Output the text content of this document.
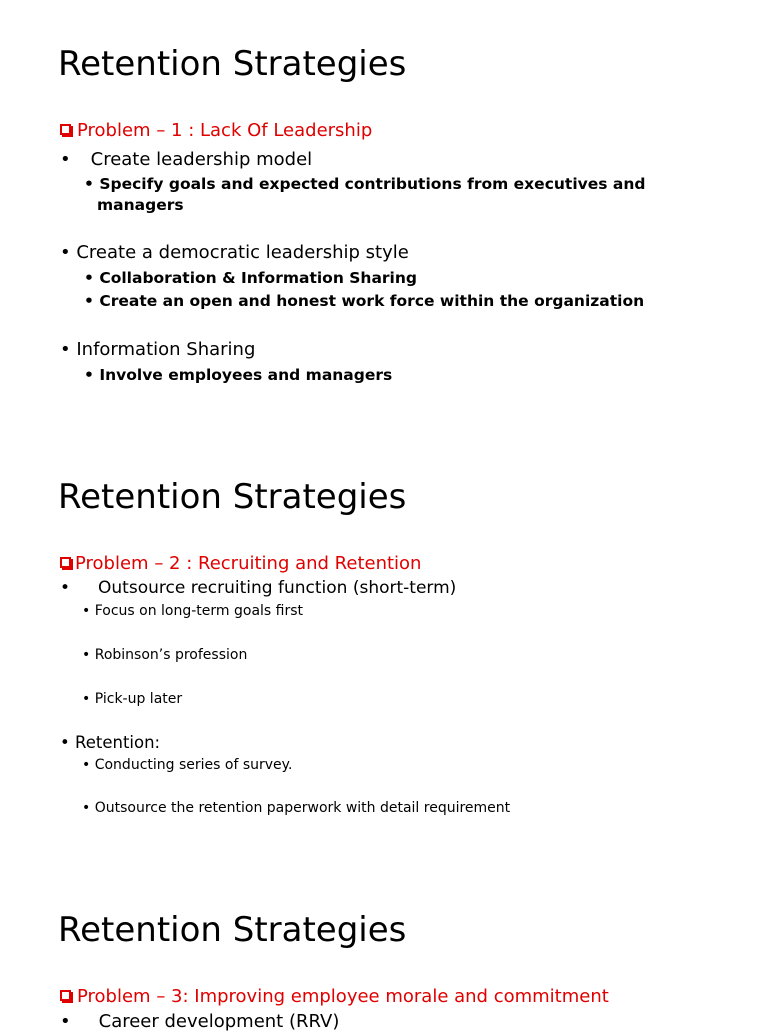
Retention Strategies
Problem – 1 : Lack Of Leadership
• Create leadership model
• Specify goals and expected contributions from executives and
managers
• Create a democratic leadership style
• Collaboration & Information Sharing
• Create an open and honest work force within the organization
• Information Sharing
• Involve employees and managers
Retention Strategies
Problem – 2 : Recruiting and Retention
• Outsource recruiting function (short-term)
• Focus on long-term goals first
• Robinson’s profession
• Pick-up later
• Retention:
• Conducting series of survey.
• Outsource the retention paperwork with detail requirement
Retention Strategies
Problem – 3: Improving employee morale and commitment
• Career development (RRV)
